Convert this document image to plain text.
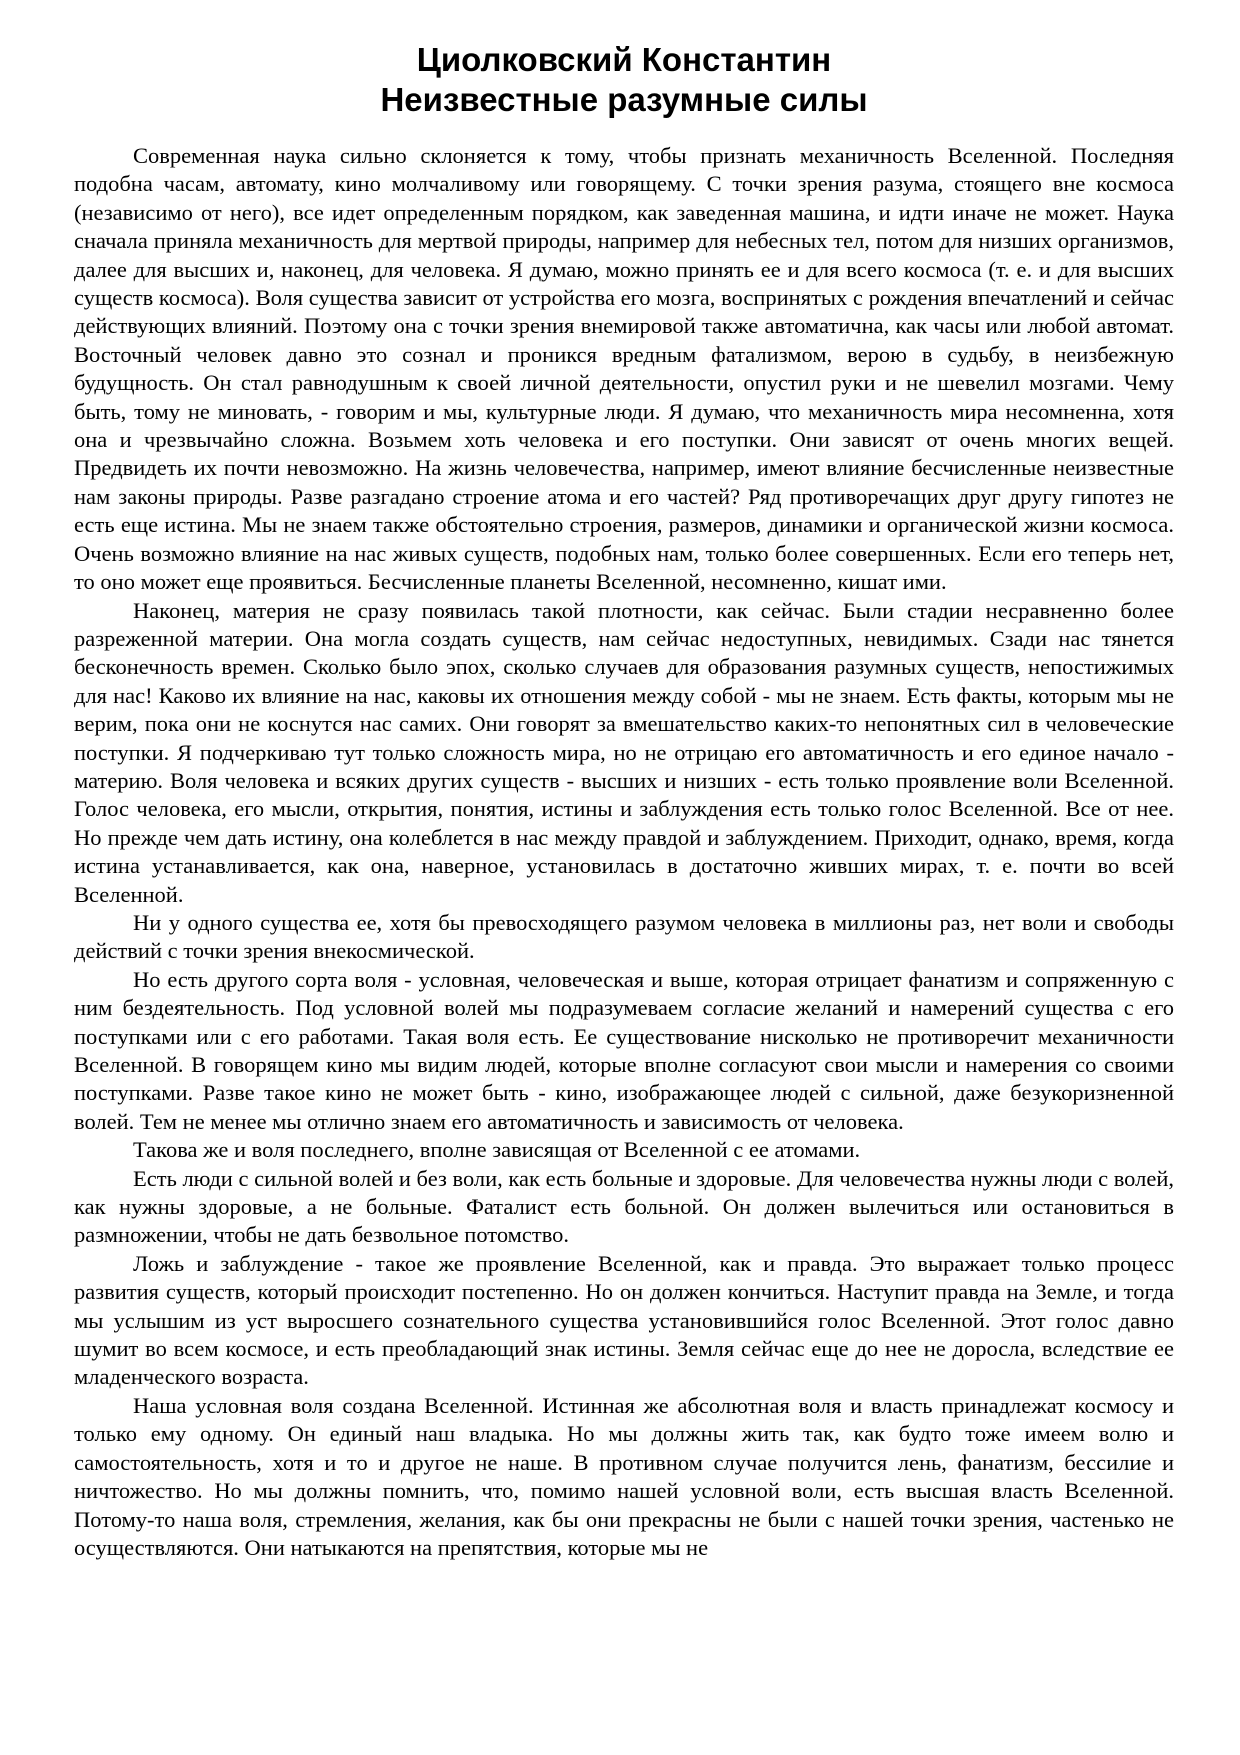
Циолковский Константин
Неизвестные разумные силы

Современная наука сильно склоняется к тому, чтобы признать механичность Вселенной. Последняя подобна часам, автомату, кино молчаливому или говорящему. С точки зрения разума, стоящего вне космоса (независимо от него), все идет определенным порядком, как заведенная машина, и идти иначе не может. Наука сначала приняла механичность для мертвой природы, например для небесных тел, потом для низших организмов, далее для высших и, наконец, для человека. Я думаю, можно принять ее и для всего космоса (т. е. и для высших существ космоса). Воля существа зависит от устройства его мозга, воспринятых с рождения впечатлений и сейчас действующих влияний. Поэтому она с точки зрения внемировой также автоматична, как часы или любой автомат. Восточный человек давно это сознал и проникся вредным фатализмом, верою в судьбу, в неизбежную будущность. Он стал равнодушным к своей личной деятельности, опустил руки и не шевелил мозгами. Чему быть, тому не миновать, - говорим и мы, культурные люди. Я думаю, что механичность мира несомненна, хотя она и чрезвычайно сложна. Возьмем хоть человека и его поступки. Они зависят от очень многих вещей. Предвидеть их почти невозможно. На жизнь человечества, например, имеют влияние бесчисленные неизвестные нам законы природы. Разве разгадано строение атома и его частей? Ряд противоречащих друг другу гипотез не есть еще истина. Мы не знаем также обстоятельно строения, размеров, динамики и органической жизни космоса. Очень возможно влияние на нас живых существ, подобных нам, только более совершенных. Если его теперь нет, то оно может еще проявиться. Бесчисленные планеты Вселенной, несомненно, кишат ими.

Наконец, материя не сразу появилась такой плотности, как сейчас. Были стадии несравненно более разреженной материи. Она могла создать существ, нам сейчас недоступных, невидимых. Сзади нас тянется бесконечность времен. Сколько было эпох, сколько случаев для образования разумных существ, непостижимых для нас! Каково их влияние на нас, каковы их отношения между собой - мы не знаем. Есть факты, которым мы не верим, пока они не коснутся нас самих. Они говорят за вмешательство каких-то непонятных сил в человеческие поступки. Я подчеркиваю тут только сложность мира, но не отрицаю его автоматичность и его единое начало - материю. Воля человека и всяких других существ - высших и низших - есть только проявление воли Вселенной. Голос человека, его мысли, открытия, понятия, истины и заблуждения есть только голос Вселенной. Все от нее. Но прежде чем дать истину, она колеблется в нас между правдой и заблуждением. Приходит, однако, время, когда истина устанавливается, как она, наверное, установилась в достаточно живших мирах, т. е. почти во всей Вселенной.

Ни у одного существа ее, хотя бы превосходящего разумом человека в миллионы раз, нет воли и свободы действий с точки зрения внекосмической.

Но есть другого сорта воля - условная, человеческая и выше, которая отрицает фанатизм и сопряженную с ним бездеятельность. Под условной волей мы подразумеваем согласие желаний и намерений существа с его поступками или с его работами. Такая воля есть. Ее существование нисколько не противоречит механичности Вселенной. В говорящем кино мы видим людей, которые вполне согласуют свои мысли и намерения со своими поступками. Разве такое кино не может быть - кино, изображающее людей с сильной, даже безукоризненной волей. Тем не менее мы отлично знаем его автоматичность и зависимость от человека.

Такова же и воля последнего, вполне зависящая от Вселенной с ее атомами.

Есть люди с сильной волей и без воли, как есть больные и здоровые. Для человечества нужны люди с волей, как нужны здоровые, а не больные. Фаталист есть больной. Он должен вылечиться или остановиться в размножении, чтобы не дать безвольное потомство.

Ложь и заблуждение - такое же проявление Вселенной, как и правда. Это выражает только процесс развития существ, который происходит постепенно. Но он должен кончиться. Наступит правда на Земле, и тогда мы услышим из уст выросшего сознательного существа установившийся голос Вселенной. Этот голос давно шумит во всем космосе, и есть преобладающий знак истины. Земля сейчас еще до нее не доросла, вследствие ее младенческого возраста.

Наша условная воля создана Вселенной. Истинная же абсолютная воля и власть принадлежат космосу и только ему одному. Он единый наш владыка. Но мы должны жить так, как будто тоже имеем волю и самостоятельность, хотя и то и другое не наше. В противном случае получится лень, фанатизм, бессилие и ничтожество. Но мы должны помнить, что, помимо нашей условной воли, есть высшая власть Вселенной. Потому-то наша воля, стремления, желания, как бы они прекрасны не были с нашей точки зрения, частенько не осуществляются. Они натыкаются на препятствия, которые мы не
